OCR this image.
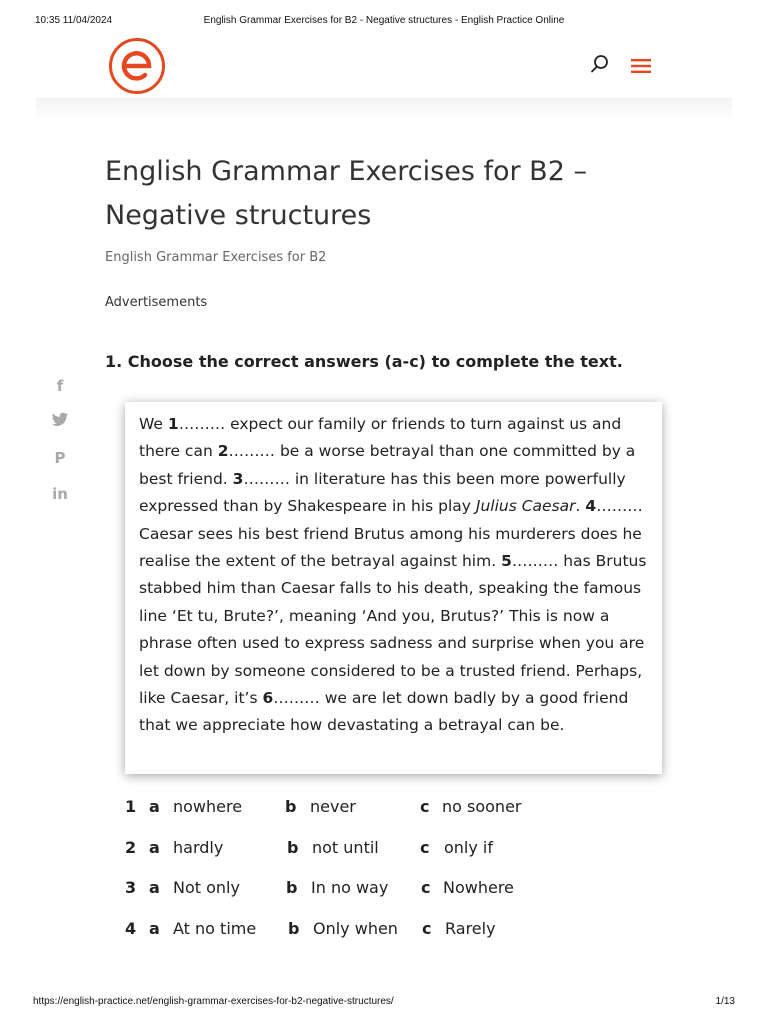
10:35 11/04/2024	English Grammar Exercises for B2 - Negative structures - English Practice Online
English Grammar Exercises for B2 – Negative structures
English Grammar Exercises for B2
Advertisements
1. Choose the correct answers (a-c) to complete the text.
f
P
in

We 1……… expect our family or friends to turn against us and there can 2……… be a worse betrayal than one committed by a best friend. 3……… in literature has this been more powerfully expressed than by Shakespeare in his play Julius Caesar. 4……… Caesar sees his best friend Brutus among his murderers does he realise the extent of the betrayal against him. 5……… has Brutus stabbed him than Caesar falls to his death, speaking the famous line ‘Et tu, Brute?’, meaning ‘And you, Brutus?’ This is now a phrase often used to express sadness and surprise when you are let down by someone considered to be a trusted friend. Perhaps, like Caesar, it’s 6……… we are let down badly by a good friend that we appreciate how devastating a betrayal can be.

1 a nowhere	b never	c no sooner
2 a hardly	b not until	c only if
3 a Not only	b In no way c Nowhere
4 a At no time b Only when c Rarely
https://english-practice.net/english-grammar-exercises-for-b2-negative-structures/	1/13
